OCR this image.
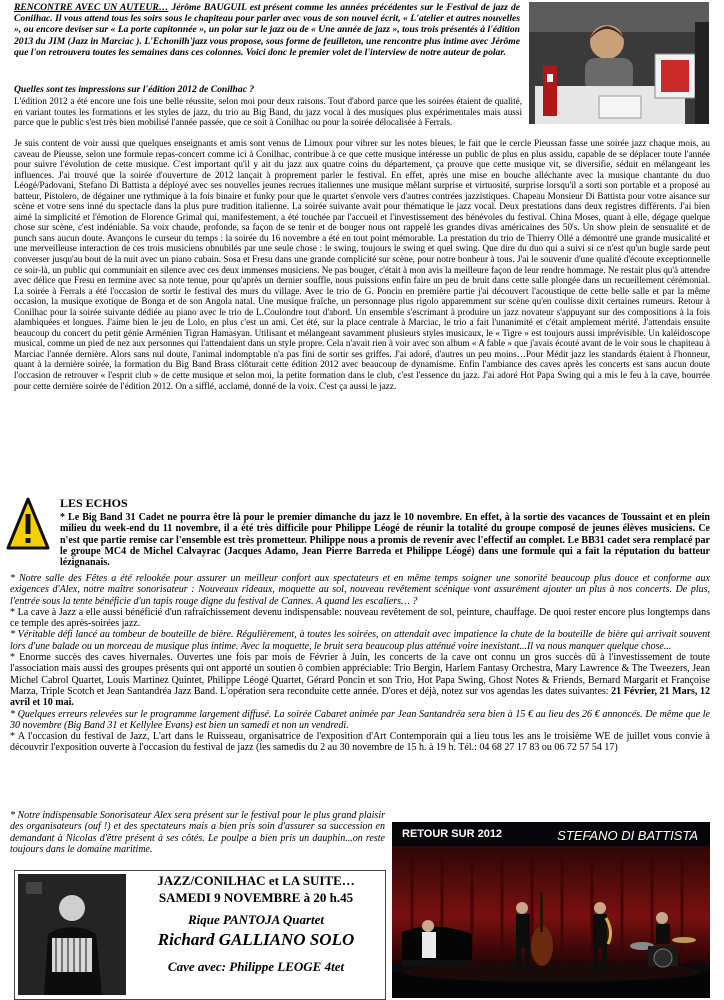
RENCONTRE AVEC UN AUTEUR… Jérôme BAUGUIL est présent comme les années précédentes sur le Festival de jazz de Conilhac. Il vous attend tous les soirs sous le chapiteau pour parler avec vous de son nouvel écrit, « L'atelier et autres nouvelles », ou encore deviser sur « La porte capitonnée », un polar sur le jazz ou de « Une année de jazz », tous trois présentés à l'édition 2013 du JIM (Jazz in Marciac ). L'Echonilh'jazz vous propose, sous forme de feuilleton, une rencontre plus intime avec Jérôme que l'on retrouvera toutes les semaines dans ces colonnes. Voici donc le premier volet de l'interview de notre auteur de polar.
Quelles sont tes impressions sur l'édition 2012 de Conilhac ?
L'édition 2012 a été encore une fois une belle réussite, selon moi pour deux raisons. Tout d'abord parce que les soirées étaient de qualité, en variant toutes les formations et les styles de jazz, du trio au Big Band, du jazz vocal à des musiques plus expérimentales mais aussi parce que le public s'est très bien mobilisé l'année passée, que ce soit à Conilhac ou pour la soirée délocalisée à Ferrals.
Je suis content de voir aussi que quelques enseignants et amis sont venus de Limoux pour vibrer sur les notes bleues, le fait que le cercle Pieussan fasse une soirée jazz chaque mois, au caveau de Pieusse, selon une formule repas-concert comme ici à Conilhac, contribue à ce que cette musique intéresse un public de plus en plus assidu, capable de se déplacer toute l'année pour suivre l'évolution de cette musique. C'est important qu'il y ait du jazz aux quatre coins du département, ça prouve que cette musique vit, se diversifie, séduit en mélangeant les influences. J'ai trouvé que la soirée d'ouverture de 2012 lançait à proprement parler le festival. En effet, après une mise en bouche alléchante avec la musique chantante du duo Léogé/Padovani, Stefano Di Battista a déployé avec ses nouvelles jeunes recrues italiennes une musique mêlant surprise et virtuosité, surprise lorsqu'il a sorti son portable et a proposé au batteur, Pistolero, de dégainer une rythmique à la fois binaire et funky pour que le quartet s'envole vers d'autres contrées jazzistiques. Chapeau Monsieur Di Battista pour votre aisance sur scène et votre sens inné du spectacle dans la plus pure tradition italienne. La soirée suivante avait pour thématique le jazz vocal. Deux prestations dans deux registres différents. J'ai bien aimé la simplicité et l'émotion de Florence Grimal qui, manifestement, a été touchée par l'accueil et l'investissement des bénévoles du festival. China Moses, quant à elle, dégage quelque chose sur scène, c'est indéniable. Sa voix chaude, profonde, sa façon de se tenir et de bouger nous ont rappelé les grandes divas américaines des 50's. Un show plein de sensualité et de punch sans aucun doute. Avançons le curseur du temps : la soirée du 16 novembre a été en tout point mémorable. La prestation du trio de Thierry Ollé a démontré une grande musicalité et une merveilleuse interaction de ces trois musiciens obnubilés par une seule chose : le swing, toujours le swing et quel swing. Que dire du duo qui a suivi si ce n'est qu'un bugle sarde peut converser jusqu'au bout de la nuit avec un piano cubain. Sosa et Fresu dans une grande complicité sur scène, pour notre bonheur à tous. J'ai le souvenir d'une qualité d'écoute exceptionnelle ce soir-là, un public qui communiait en silence avec ces deux immenses musiciens. Ne pas bouger, c'était à mon avis la meilleure façon de leur rendre hommage. Ne restait plus qu'à attendre avec délice que Fresu en termine avec sa note tenue, pour qu'après un dernier souffle, nous puissions enfin faire un peu de bruit dans cette salle plongée dans un recueillement cérémonial. La soirée à Ferrals a été l'occasion de sortir le festival des murs du village. Avec le trio de G. Poncin en première partie j'ai découvert l'acoustique de cette belle salle et par la même occasion, la musique exotique de Bonga et de son Angola natal. Une musique fraîche, un personnage plus rigolo apparemment sur scène qu'en coulisse dixit certaines rumeurs. Retour à Conilhac pour la soirée suivante dédiée au piano avec le trio de L.Coulondre tout d'abord. Un ensemble s'escrimant à produire un jazz novateur s'appuyant sur des compositions à la fois alambiquées et longues. J'aime bien le jeu de Lolo, en plus c'est un ami. Cet été, sur la place centrale à Marciac, le trio a fait l'unanimité et c'était amplement mérité. J'attendais ensuite beaucoup du concert du petit génie Arménien Tigran Hamasyan. Utilisant et mélangeant savamment plusieurs styles musicaux, le « Tigre » est toujours aussi imprévisible. Un kaléidoscope musical, comme un pied de nez aux personnes qui l'attendaient dans un style propre. Cela n'avait rien à voir avec son album « A fable » que j'avais écouté avant de le voir sous le chapiteau à Marciac l'année dernière. Alors sans nul doute, l'animal indomptable n'a pas fini de sortir ses griffes. J'ai adoré, d'autres un peu moins…Pour Médit jazz les standards étaient à l'honneur, quant à la dernière soirée, la formation du Big Band Brass clôturait cette édition 2012 avec beaucoup de dynamisme. Enfin l'ambiance des caves après les concerts est sans aucun doute l'occasion de retrouver « l'esprit club » de cette musique et selon moi, la petite formation dans le club, c'est l'essence du jazz. J'ai adoré Hot Papa Swing qui a mis le feu à la cave, bourrée pour cette dernière soirée de l'édition 2012. On a sifflé, acclamé, donné de la voix. C'est ça aussi le jazz.
LES ECHOS
* Le Big Band 31 Cadet ne pourra être là pour le premier dimanche du jazz le 10 novembre. En effet, à la sortie des vacances de Toussaint et en plein milieu du week-end du 11 novembre, il a été très difficile pour Philippe Léogé de réunir la totalité du groupe composé de jeunes élèves musiciens. Ce n'est que partie remise car l'ensemble est très prometteur. Philippe nous a promis de revenir avec l'effectif au complet. Le BB31 cadet sera remplacé par le groupe MC4 de Michel Calvayrac (Jacques Adamo, Jean Pierre Barreda et Philippe Léogé) dans une formule qui a fait la réputation du batteur lézignanais.

* Notre salle des Fêtes a été relookée pour assurer un meilleur confort aux spectateurs et en même temps soigner une sonorité beaucoup plus douce et conforme aux exigences d'Alex, notre maître sonorisateur : Nouveaux rideaux, moquette au sol, nouveau revêtement scénique vont assurément ajouter un plus à nos concerts. De plus, l'entrée sous la tente bénéficie d'un tapis rouge digne du festival de Cannes. A quand les escaliers… ?

* La cave à Jazz a elle aussi bénéficié d'un rafraîchissement devenu indispensable: nouveau revêtement de sol, peinture, chauffage. De quoi rester encore plus longtemps dans ce temple des après-soirées jazz.

* Véritable défi lancé au tombeur de bouteille de bière. Régulièrement, à toutes les soirées, on attendait avec impatience la chute de la bouteille de bière qui arrivait souvent lors d'une balade ou un morceau de musique plus intime. Avec la moquette, le bruit sera beaucoup plus atténué voire inexistant...Il va nous manquer quelque chose...

* Enorme succès des caves hivernales. Ouvertes une fois par mois de Février à Juin, les concerts de la cave ont connu un gros succès dû à l'investissement de toute l'association mais aussi des groupes présents qui ont apporté un soutien ô combien appréciable: Trio Bergin, Harlem Fantasy Orchestra, Mary Lawrence & The Tweezers, Jean Michel Cabrol Quartet, Louis Martinez Quintet, Philippe Léogé Quartet, Gérard Poncin et son Trio, Hot Papa Swing, Ghost Notes & Friends, Bernard Margarit et Françoise Marza, Triple Scotch et Jean Santandréa Jazz Band. L'opération sera reconduite cette année. D'ores et déjà, notez sur vos agendas les dates suivantes: 21 Février, 21 Mars, 12 avril et 10 mai.

* Quelques erreurs relevées sur le programme largement diffusé. La soirée Cabaret animée par Jean Santandréa sera bien à 15 € au lieu des 26 € annoncés. De même que le 30 novembre (Big Band 31 et Kellylee Evans) est bien un samedi et non un vendredi.

* A l'occasion du festival de Jazz, L'art dans le Ruisseau, organisatrice de l'exposition d'Art Contemporain qui a lieu tous les ans le troisième WE de juillet vous convie à découvrir l'exposition ouverte à l'occasion du festival de jazz (les samedis du 2 au 30 novembre de 15 h. à 19 h. Tél.: 04 68 27 17 83 ou 06 72 57 54 17)

* Notre indispensable Sonorisateur Alex sera présent sur le festival pour le plus grand plaisir des organisateurs (ouf !) et des spectateurs mais a bien pris soin d'assurer sa succession en demandant à Nicolas d'être présent à ses côtés. Le poulpe a bien pris un dauphin...on reste toujours dans le domaine maritime.
JAZZ/CONILHAC et LA SUITE…
SAMEDI 9 NOVEMBRE à 20 h.45
Rique PANTOJA Quartet
Richard GALLIANO SOLO
Cave avec: Philippe LEOGE 4tet
RETOUR SUR 2012	STEFANO DI BATTISTA
